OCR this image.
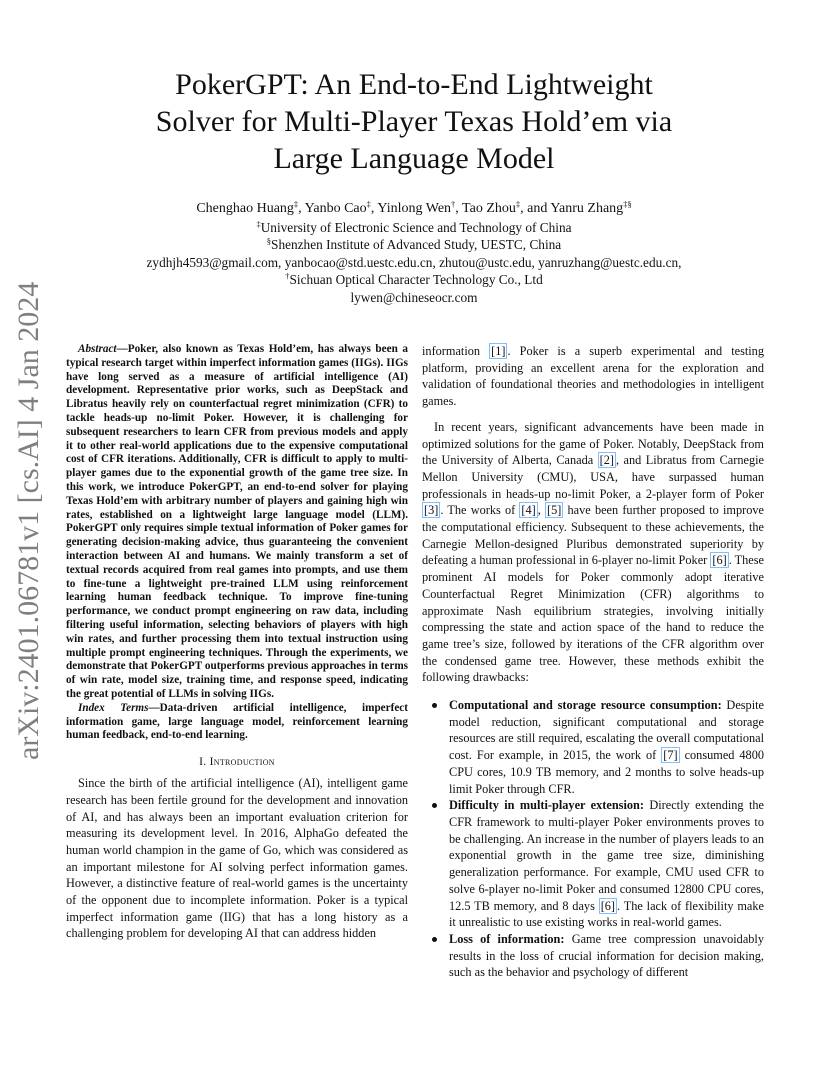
PokerGPT: An End-to-End Lightweight
Solver for Multi-Player Texas Hold’em via
Large Language Model
Chenghao Huang‡, Yanbo Cao‡, Yinlong Wen†, Tao Zhou‡, and Yanru Zhang‡§
‡University of Electronic Science and Technology of China
§Shenzhen Institute of Advanced Study, UESTC, China
zydhjh4593@gmail.com, yanbocao@std.uestc.edu.cn, zhutou@ustc.edu, yanruzhang@uestc.edu.cn,
†Sichuan Optical Character Technology Co., Ltd
lywen@chineseocr.com
arXiv:2401.06781v1 [cs.AI] 4 Jan 2024	Abstract—Poker, also known as Texas Hold’em, has always been a typical research target within imperfect information games (IIGs). IIGs have long served as a measure of artificial intelligence (AI) development. Representative prior works, such as DeepStack and Libratus heavily rely on counterfactual regret minimization (CFR) to tackle heads-up no-limit Poker. However, it is challenging for subsequent researchers to learn CFR from previous models and apply it to other real-world applications due to the expensive computational cost of CFR iterations. Additionally, CFR is difficult to apply to multi-player games due to the exponential growth of the game tree size. In this work, we introduce PokerGPT, an end-to-end solver for playing Texas Hold’em with arbitrary number of players and gaining high win rates, established on a lightweight large language model (LLM). PokerGPT only requires simple textual information of Poker games for generating decision-making advice, thus guaranteeing the convenient interaction between AI and humans. We mainly transform a set of textual records acquired from real games into prompts, and use them to fine-tune a lightweight pre-trained LLM using reinforcement learning human feedback technique. To improve fine-tuning performance, we conduct prompt engineering on raw data, including filtering useful information, selecting behaviors of players with high win rates, and further processing them into textual instruction using multiple prompt engineering techniques. Through the experiments, we demonstrate that PokerGPT outperforms previous approaches in terms of win rate, model size, training time, and response speed, indicating the great potential of LLMs in solving IIGs.

Index Terms—Data-driven artificial intelligence, imperfect information game, large language model, reinforcement learning human feedback, end-to-end learning.

I. Introduction

Since the birth of the artificial intelligence (AI), intelligent game research has been fertile ground for the development and innovation of AI, and has always been an important evaluation criterion for measuring its development level. In 2016, AlphaGo defeated the human world champion in the game of Go, which was considered as an important milestone for AI solving perfect information games. However, a distinctive feature of real-world games is the uncertainty of the opponent due to incomplete information. Poker is a typical imperfect information game (IIG) that has a long history as a challenging problem for developing AI that can address hidden

information [1] . Poker is a superb experimental and testing platform, providing an excellent arena for the exploration and validation of foundational theories and methodologies in intelligent games.

In recent years, significant advancements have been made in optimized solutions for the game of Poker. Notably, DeepStack from the University of Alberta, Canada [2] , and Libratus from Carnegie Mellon University (CMU), USA, have surpassed human professionals in heads-up no-limit Poker, a 2-player form of Poker [3] . The works of [4] , [5] have been further proposed to improve the computational efficiency. Subsequent to these achievements, the Carnegie Mellon-designed Pluribus demonstrated superiority by defeating a human professional in 6-player no-limit Poker [6] . These prominent AI models for Poker commonly adopt iterative Counterfactual Regret Minimization (CFR) algorithms to approximate Nash equilibrium strategies, involving initially compressing the state and action space of the hand to reduce the game tree’s size, followed by iterations of the CFR algorithm over the condensed game tree. However, these methods exhibit the following drawbacks:

Computational and storage resource consumption: Despite model reduction, significant computational and storage resources are still required, escalating the overall computational cost. For example, in 2015, the work of [7] consumed 4800 CPU cores, 10.9 TB memory, and 2 months to solve heads-up limit Poker through CFR.
Difficulty in multi-player extension: Directly extending the CFR framework to multi-player Poker environments proves to be challenging. An increase in the number of players leads to an exponential growth in the game tree size, diminishing generalization performance. For example, CMU used CFR to solve 6-player no-limit Poker and consumed 12800 CPU cores, 12.5 TB memory, and 8 days [6] . The lack of flexibility make it unrealistic to use existing works in real-world games.
Loss of information: Game tree compression unavoidably results in the loss of crucial information for decision making, such as the behavior and psychology of different
